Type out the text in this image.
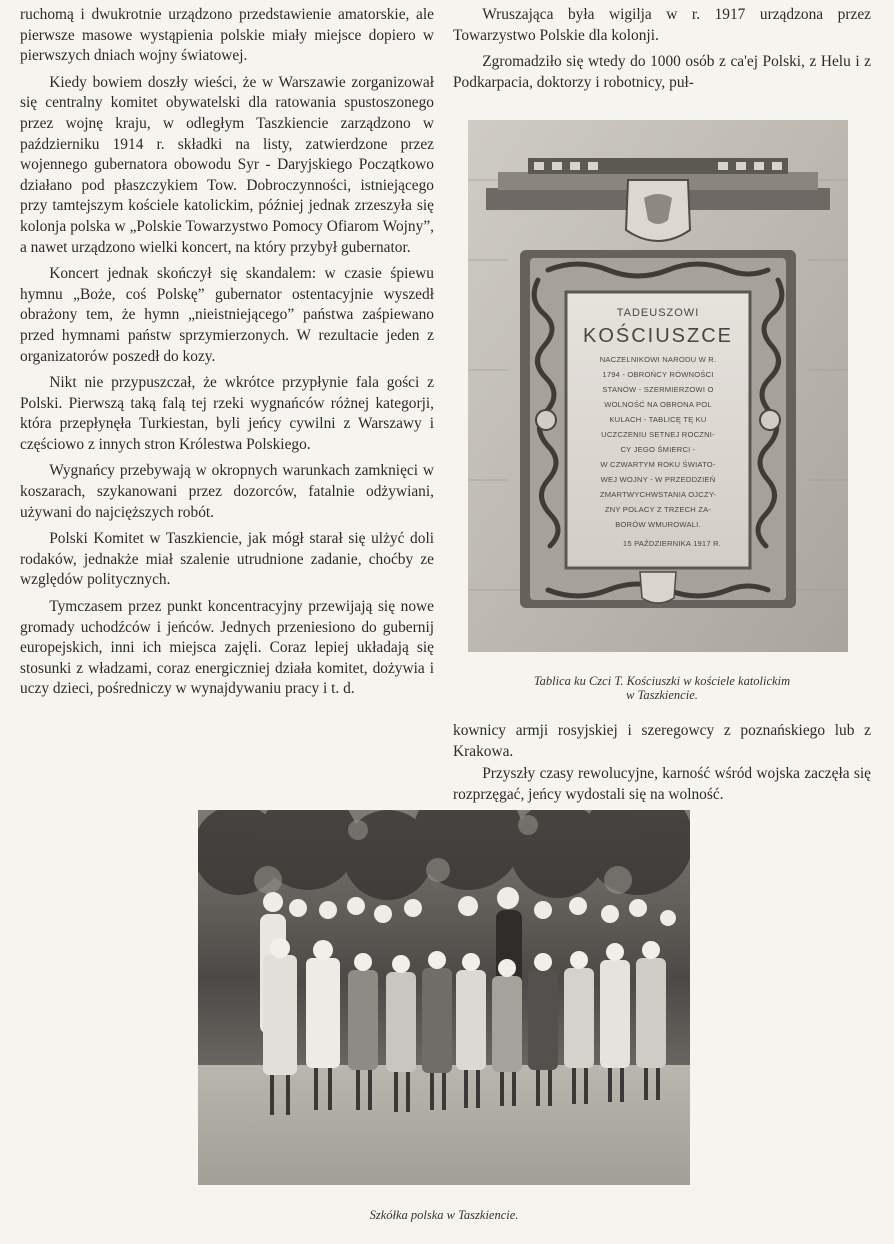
ruchomą i dwukrotnie urządzono przedstawienie amatorskie, ale pierwsze masowe wystąpienia polskie miały miejsce dopiero w pierwszych dniach wojny światowej.

Kiedy bowiem doszły wieści, że w Warszawie zorganizował się centralny komitet obywatelski dla ratowania spustoszonego przez wojnę kraju, w odległym Taszkiencie zarządzono w październiku 1914 r. składki na listy, zatwierdzone przez wojennego gubernatora obowodu Syr - Daryjskiego Początkowo działano pod płaszczykiem Tow. Dobroczynności, istniejącego przy tamtejszym kościele katolickim, później jednak zrzeszyła się kolonja polska w „Polskie Towarzystwo Pomocy Ofiarom Wojny”, a nawet urządzono wielki koncert, na który przybył gubernator.

Koncert jednak skończył się skandalem: w czasie śpiewu hymnu „Boże, coś Polskę” gubernator ostentacyjnie wyszedł obrażony tem, że hymn „nieistniejącego” państwa zaśpiewano przed hymnami państw sprzymierzonych. W rezultacie jeden z organizatorów poszedł do kozy.

Nikt nie przypuszczał, że wkrótce przypłynie fala gości z Polski. Pierwszą taką falą tej rzeki wygnańców różnej kategorji, która przepłynęła Turkiestan, byli jeńcy cywilni z Warszawy i częściowo z innych stron Królestwa Polskiego.

Wygnańcy przebywają w okropnych warunkach zamknięci w koszarach, szykanowani przez dozorców, fatalnie odżywiani, używani do najcięższych robót.

Polski Komitet w Taszkiencie, jak mógł starał się ulżyć doli rodaków, jednakże miał szalenie utrudnione zadanie, choćby ze względów politycznych.

Tymczasem przez punkt koncentracyjny przewijają się nowe gromady uchodźców i jeńców. Jednych przeniesiono do gubernij europejskich, inni ich miejsca zajęli. Coraz lepiej układają się stosunki z władzami, coraz energiczniej działa komitet, dożywia i uczy dzieci, pośredniczy w wynajdywaniu pracy i t. d.

Wruszająca była wigilja w r. 1917 urządzona przez Towarzystwo Polskie dla kolonji.

Zgromadziło się wtedy do 1000 osób z ca'ej Polski, z Helu i z Podkarpacia, doktorzy i robotnicy, puł-

TADEUSZOWI
KOŚCIUSZCE
NACZELNIKOWI NARODU W R.
1794 - OBROŃCY RÓWNOŚCI
STANÓW - SZERMIERZOWI O
WOLNOŚĆ NA OBRONA POL
KULACH - TABLICĘ TĘ KU
UCZCZENIU SETNEJ ROCZNI-
CY JEGO ŚMIERCI -
W CZWARTYM ROKU ŚWIATO-
WEJ WOJNY - W PRZEDDZIEŃ
ZMARTWYCHWSTANIA OJCZY-
ZNY POLACY Z TRZECH ZA-
BORÓW WMUROWALI.
15 PAŹDZIERNIKA 1917 R.
Tablica ku Czci T. Kościuszki w kościele katolickim
w Taszkiencie.

kownicy armji rosyjskiej i szeregowcy z poznańskiego lub z Krakowa.

Przyszły czasy rewolucyjne, karność wśród wojska zaczęła się rozprzęgać, jeńcy wydostali się na wolność.

Szkółka polska w Taszkiencie.
